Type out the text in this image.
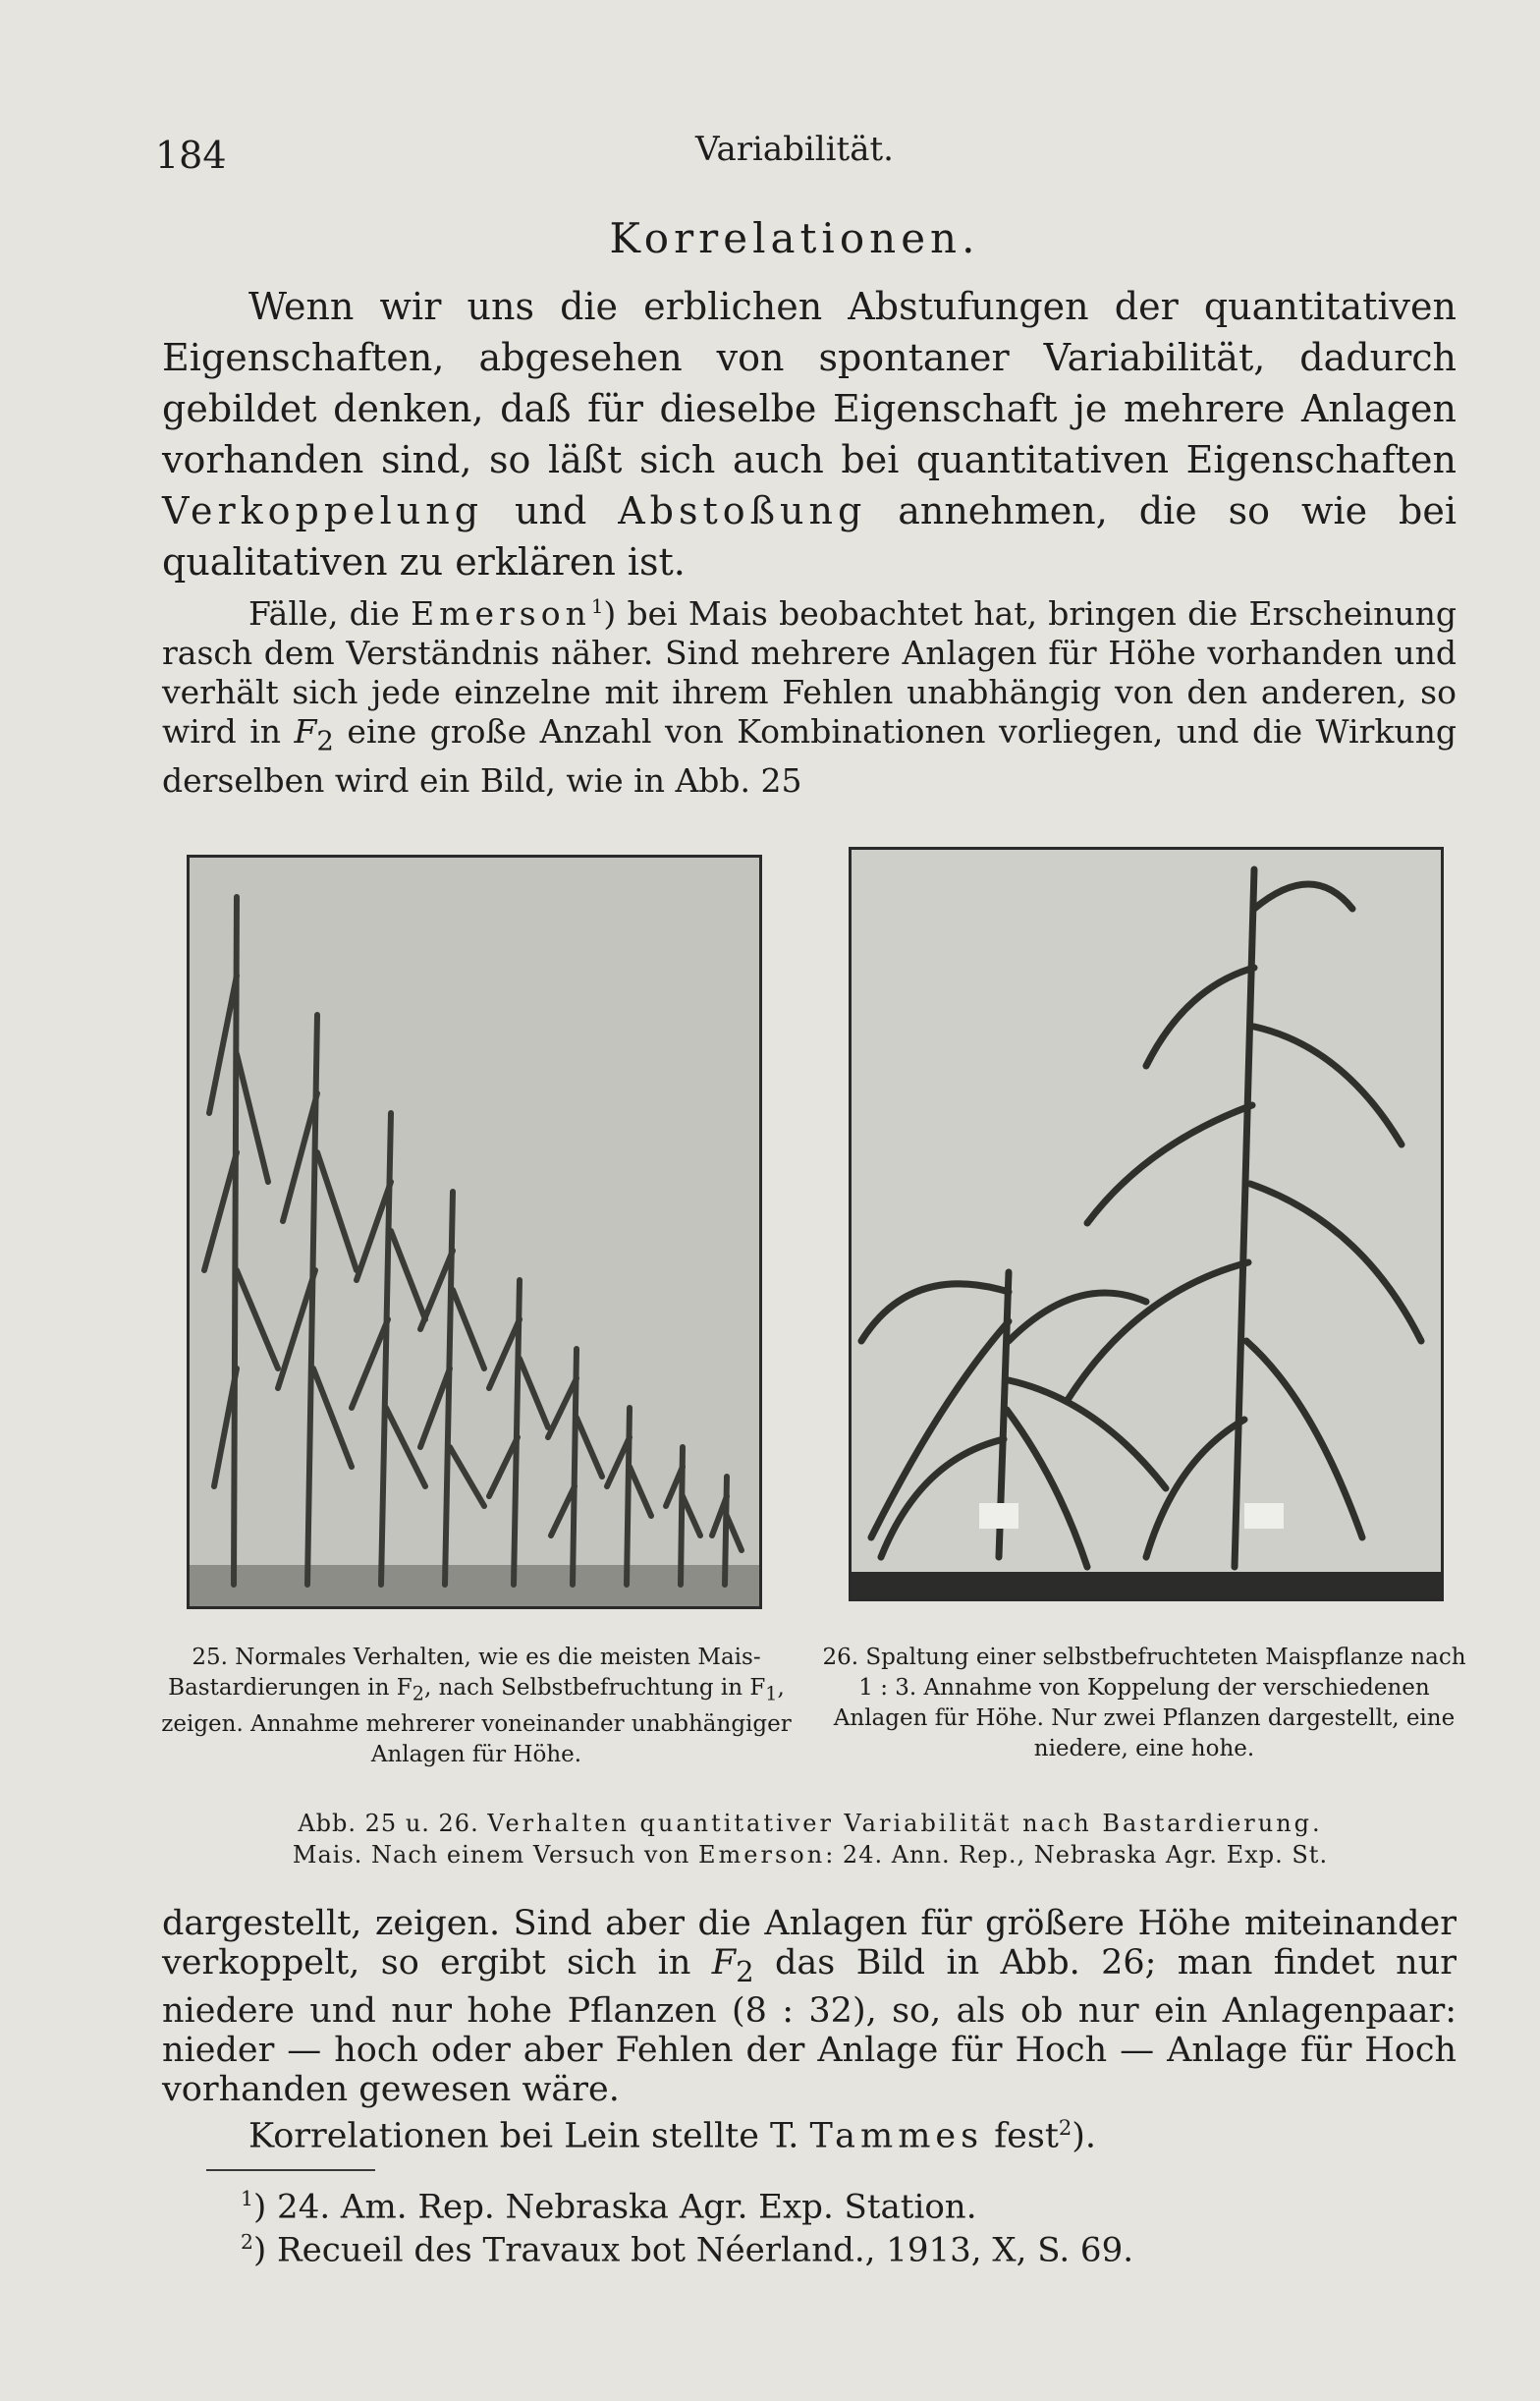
184	Variabilität.
Korrelationen.

Wenn wir uns die erblichen Abstufungen der quantitativen Eigenschaften, abgesehen von spontaner Variabilität, dadurch gebildet denken, daß für dieselbe Eigenschaft je mehrere Anlagen vorhanden sind, so läßt sich auch bei quantitativen Eigenschaften Verkoppelung und Abstoßung annehmen, die so wie bei qualitativen zu erklären ist.

Fälle, die Emerson$^1$) bei Mais beobachtet hat, bringen die Erscheinung rasch dem Verständnis näher. Sind mehrere Anlagen für Höhe vorhanden und verhält sich jede einzelne mit ihrem Fehlen unabhängig von den anderen, so wird in $F_2$ eine große Anzahl von Kombinationen vorliegen, und die Wirkung derselben wird ein Bild, wie in Abb. 25

25. Normales Verhalten, wie es die meisten Mais-Bastardierungen in $F_2$, nach Selbstbefruchtung in $F_1$, zeigen. Annahme mehrerer voneinander unabhängiger Anlagen für Höhe.
26. Spaltung einer selbstbefruchteten Maispflanze nach 1 : 3. Annahme von Koppelung der verschiedenen Anlagen für Höhe. Nur zwei Pflanzen dargestellt, eine niedere, eine hohe.
Abb. 25 u. 26. Verhalten quantitativer Variabilität nach Bastardierung.
Mais. Nach einem Versuch von Emerson: 24. Ann. Rep., Nebraska Agr. Exp. St.

dargestellt, zeigen. Sind aber die Anlagen für größere Höhe miteinander verkoppelt, so ergibt sich in $F_2$ das Bild in Abb. 26; man findet nur niedere und nur hohe Pflanzen (8 : 32), so, als ob nur ein Anlagenpaar: nieder — hoch oder aber Fehlen der Anlage für Hoch — Anlage für Hoch vorhanden gewesen wäre.

Korrelationen bei Lein stellte T. Tammes fest$^2$).

$^1$) 24. Am. Rep. Nebraska Agr. Exp. Station.
$^2$) Recueil des Travaux bot Néerland., 1913, X, S. 69.
